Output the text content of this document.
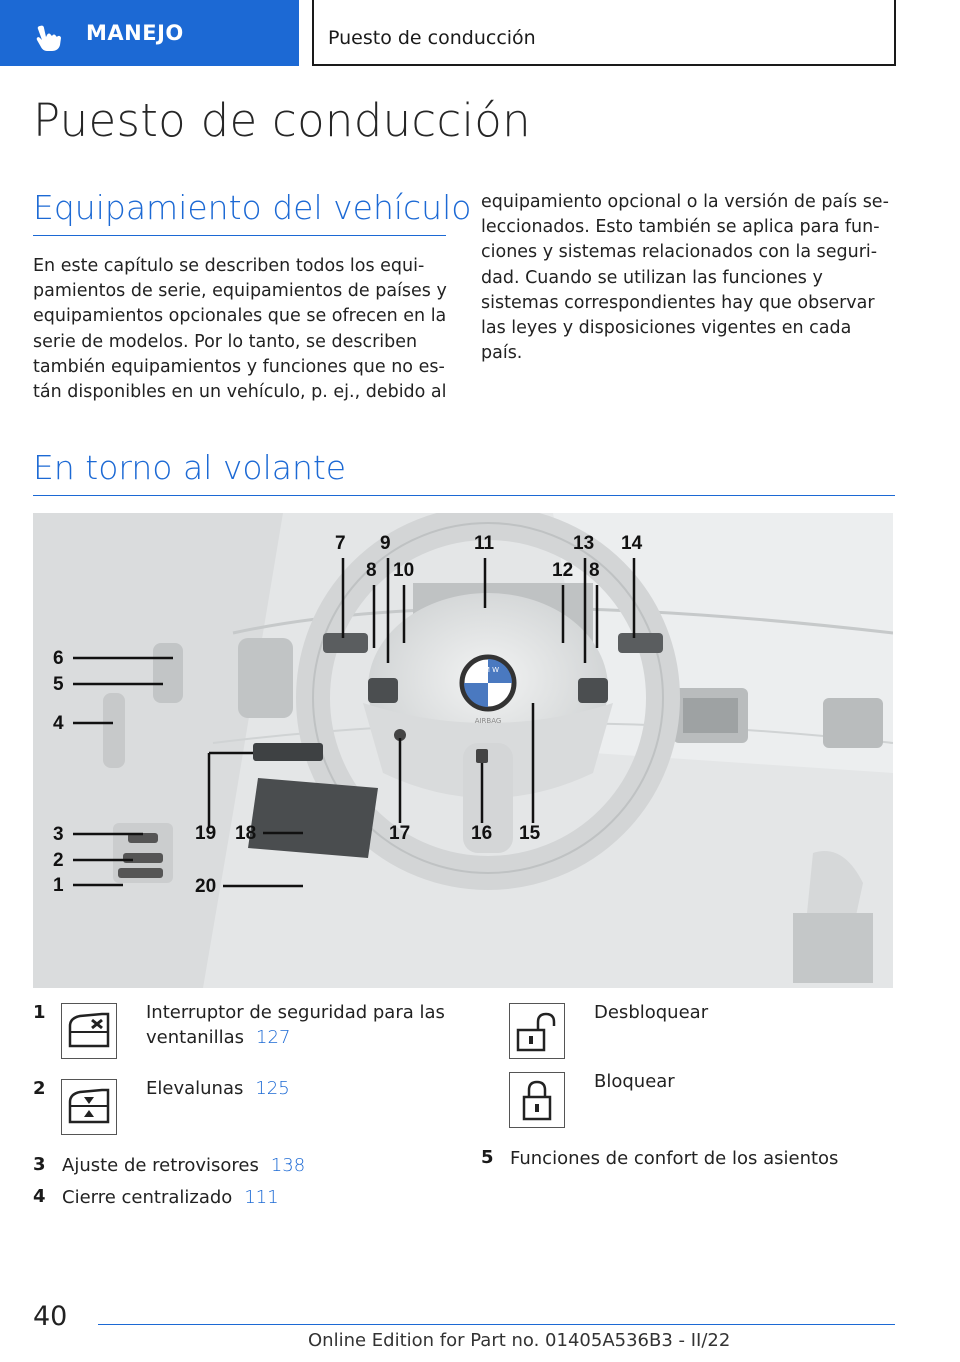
MANEJO	Puesto de conducción
Puesto de conducción
Equipamiento del vehículo

En este capítulo se describen todos los equi-

pamientos de serie, equipamientos de países y

equipamientos opcionales que se ofrecen en la

serie de modelos. Por lo tanto, se describen

también equipamientos y funciones que no es-

tán disponibles en un vehículo, p. ej., debido al

equipamiento opcional o la versión de país se-

leccionados. Esto también se aplica para fun-

ciones y sistemas relacionados con la seguri-

dad. Cuando se utilizan las funciones y

sistemas correspondientes hay que observar

las leyes y disposiciones vigentes en cada

país.

En torno al volante
B M W
AIRBAG
7 9	11	13 14
8 10	12 8
6
5
4
19 18	17	16 15
3
2
1	20
1	Interruptor de seguridad para las
ventanillas 127
2	Elevalunas 125
3 Ajuste de retrovisores 138
4 Cierre centralizado 111
Desbloquear
Bloquear
5 Funciones de confort de los asientos
40
Online Edition for Part no. 01405A536B3 - II/22
